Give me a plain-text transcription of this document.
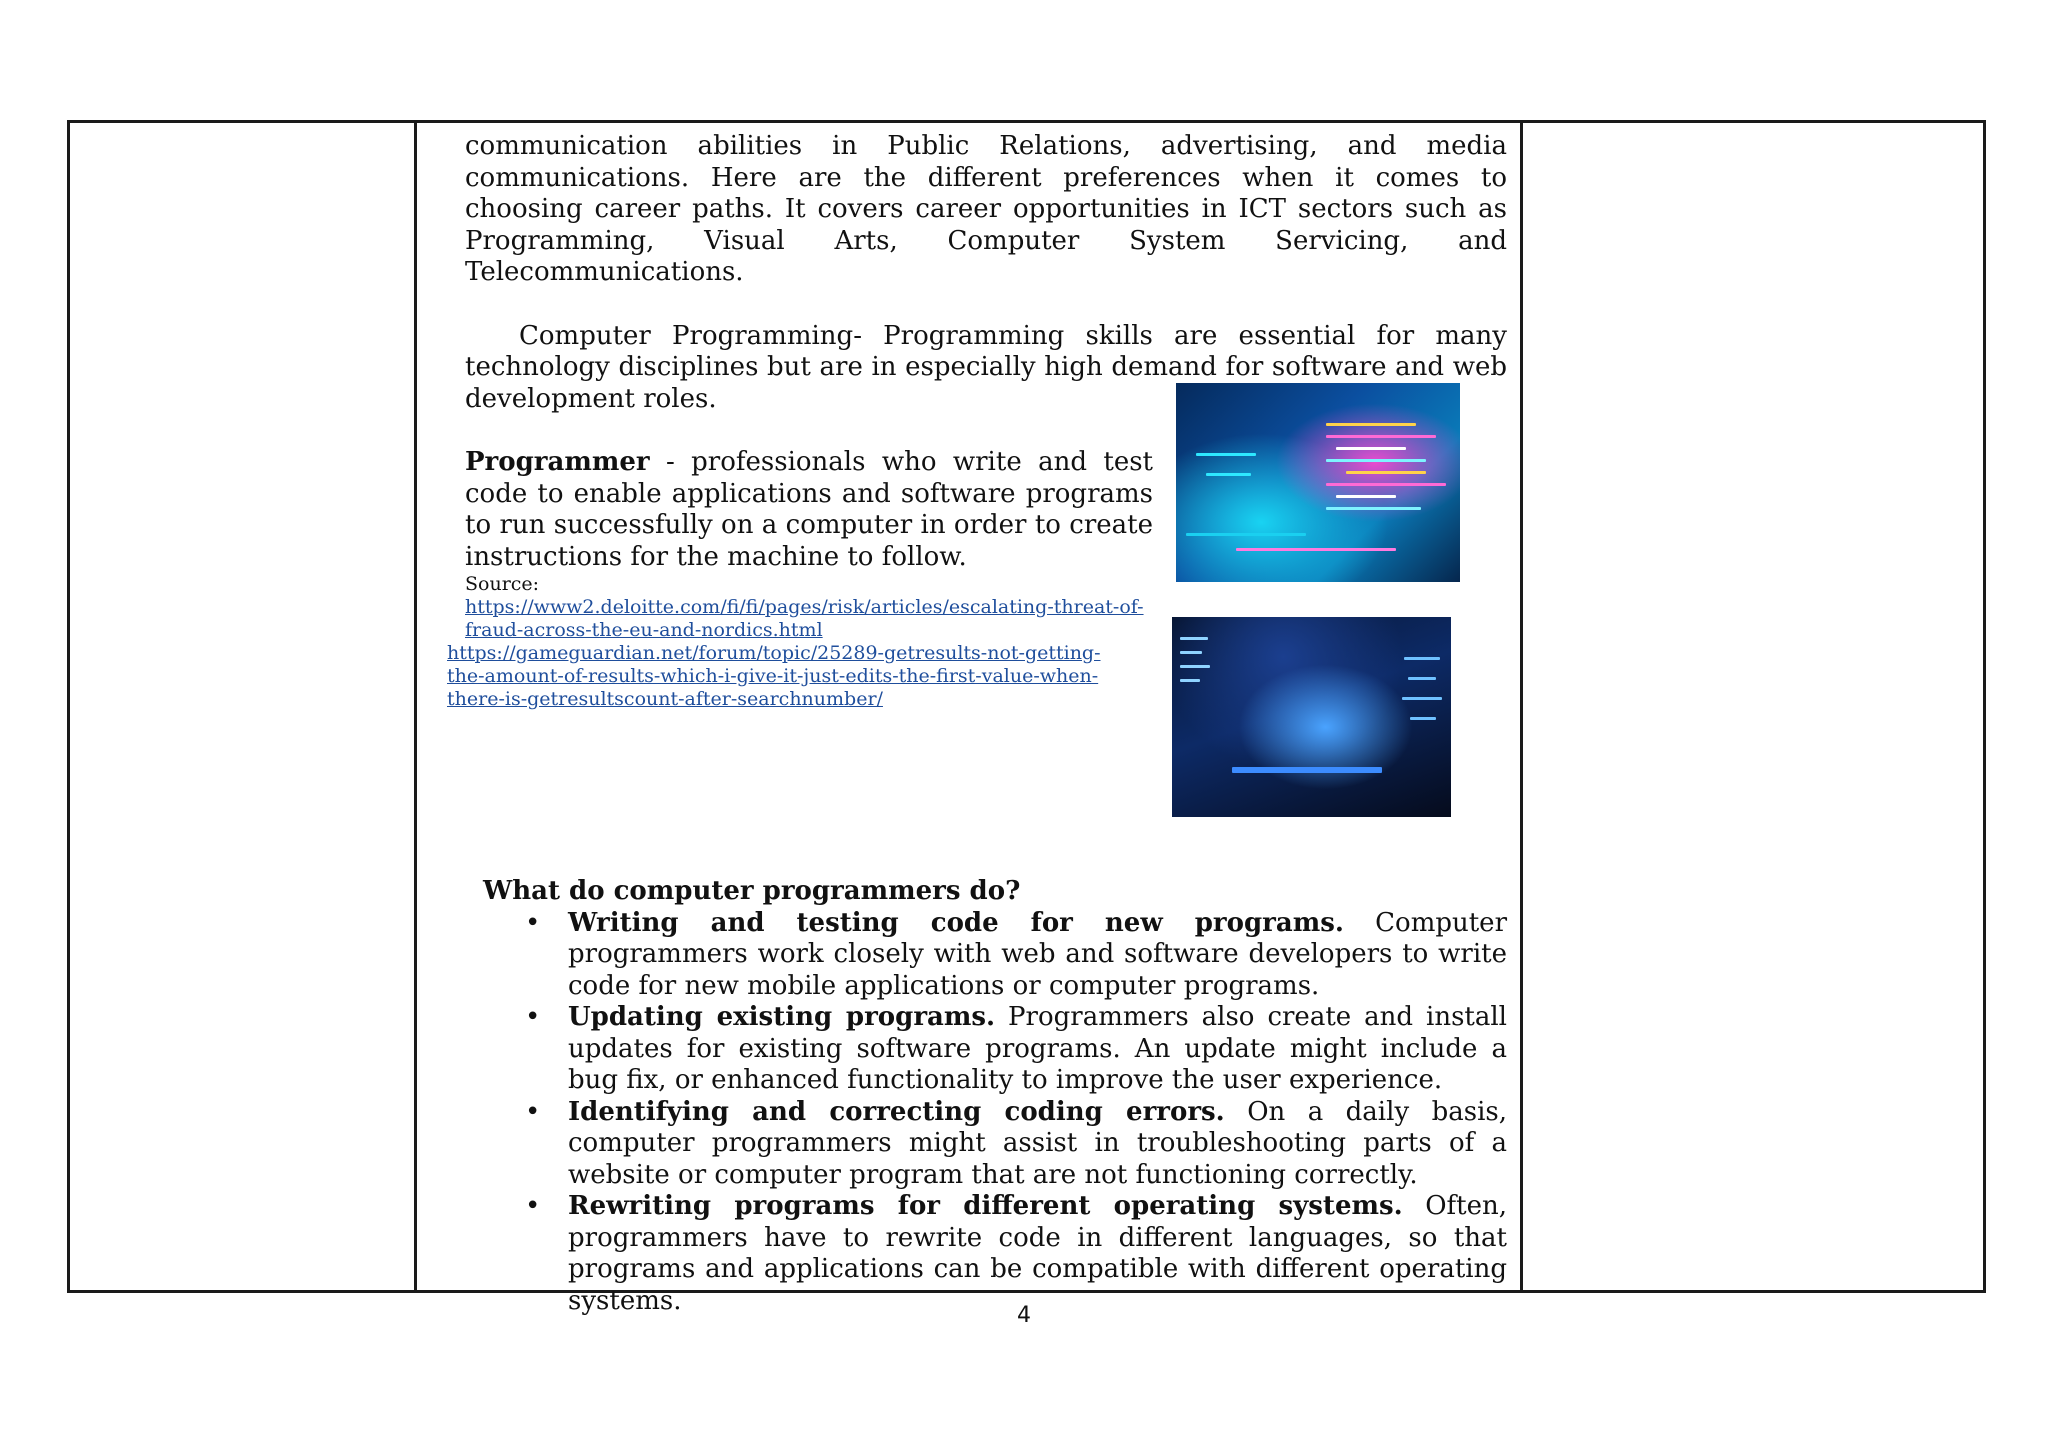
communication abilities in Public Relations, advertising, and media

communications. Here are the different preferences when it comes to choosing career paths. It covers career opportunities in ICT sectors such as Programming, Visual Arts, Computer System Servicing, and Telecommunications.

Computer Programming- Programming skills are essential for many technology disciplines but are in especially high demand for software and web development roles.

Programmer - professionals who write and test code to enable applications and software programs to run successfully on a computer in order to create instructions for the machine to follow.

Source:

https://www2.deloitte.com/fi/fi/pages/risk/articles/escalating-threat-of-fraud-across-the-eu-and-nordics.html
https://gameguardian.net/forum/topic/25289-getresults-not-getting-the-amount-of-results-which-i-give-it-just-edits-the-first-value-when-there-is-getresultscount-after-searchnumber/

What do computer programmers do?

• Writing and testing code for new programs. Computer programmers work closely with web and software developers to write code for new mobile applications or computer programs.
• Updating existing programs. Programmers also create and install updates for existing software programs. An update might include a bug fix, or enhanced functionality to improve the user experience.
• Identifying and correcting coding errors. On a daily basis, computer programmers might assist in troubleshooting parts of a website or computer program that are not functioning correctly.
• Rewriting programs for different operating systems. Often, programmers have to rewrite code in different languages, so that programs and applications can be compatible with different operating systems.	4
